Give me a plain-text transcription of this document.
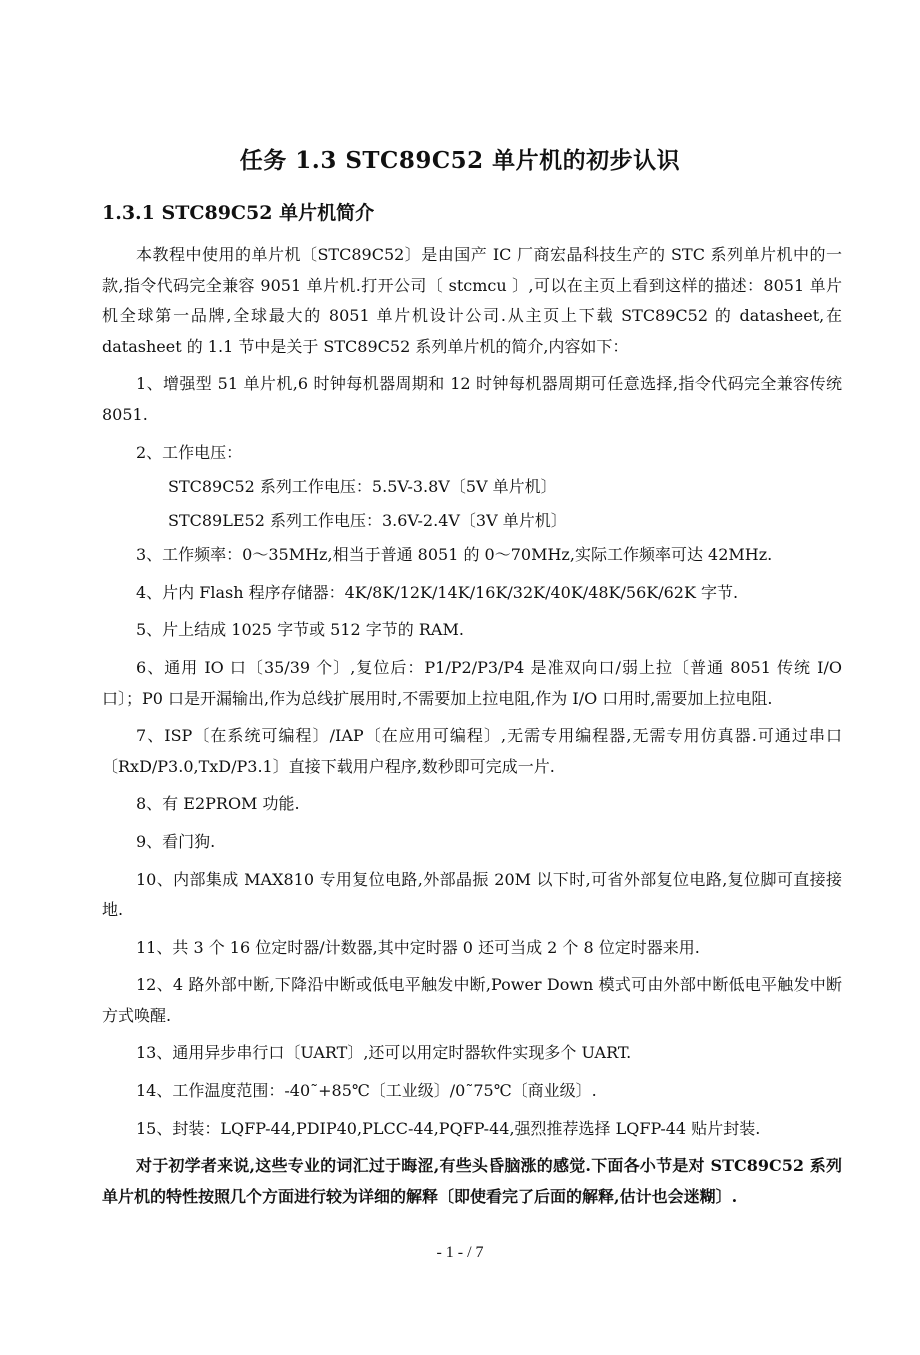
任务 1.3 STC89C52 单片机的初步认识
1.3.1 STC89C52 单片机简介

本教程中使用的单片机〔STC89C52〕是由国产 IC 厂商宏晶科技生产的 STC 系列单片机中的一款,指令代码完全兼容 9051 单片机.打开公司〔 stcmcu 〕,可以在主页上看到这样的描述：8051 单片机全球第一品牌,全球最大的 8051 单片机设计公司.从主页上下载 STC89C52 的 datasheet,在 datasheet 的 1.1 节中是关于 STC89C52 系列单片机的简介,内容如下：

1、增强型 51 单片机,6 时钟每机器周期和 12 时钟每机器周期可任意选择,指令代码完全兼容传统 8051.

2、工作电压：

STC89C52 系列工作电压：5.5V-3.8V〔5V 单片机〕

STC89LE52 系列工作电压：3.6V-2.4V〔3V 单片机〕

3、工作频率：0～35MHz,相当于普通 8051 的 0～70MHz,实际工作频率可达 42MHz.

4、片内 Flash 程序存储器：4K/8K/12K/14K/16K/32K/40K/48K/56K/62K 字节.

5、片上结成 1025 字节或 512 字节的 RAM.

6、通用 IO 口〔35/39 个〕,复位后：P1/P2/P3/P4 是准双向口/弱上拉〔普通 8051 传统 I/O 口〕；P0 口是开漏输出,作为总线扩展用时,不需要加上拉电阻,作为 I/O 口用时,需要加上拉电阻.

7、ISP〔在系统可编程〕/IAP〔在应用可编程〕,无需专用编程器,无需专用仿真器.可通过串口〔RxD/P3.0,TxD/P3.1〕直接下载用户程序,数秒即可完成一片.

8、有 E2PROM 功能.

9、看门狗.

10、内部集成 MAX810 专用复位电路,外部晶振 20M 以下时,可省外部复位电路,复位脚可直接接地.

11、共 3 个 16 位定时器/计数器,其中定时器 0 还可当成 2 个 8 位定时器来用.

12、4 路外部中断,下降沿中断或低电平触发中断,Power Down 模式可由外部中断低电平触发中断方式唤醒.

13、通用异步串行口〔UART〕,还可以用定时器软件实现多个 UART.

14、工作温度范围：-40˜+85℃〔工业级〕/0˜75℃〔商业级〕.

15、封装：LQFP-44,PDIP40,PLCC-44,PQFP-44,强烈推荐选择 LQFP-44 贴片封装.

对于初学者来说,这些专业的词汇过于晦涩,有些头昏脑涨的感觉.下面各小节是对 STC89C52 系列单片机的特性按照几个方面进行较为详细的解释〔即使看完了后面的解释,估计也会迷糊〕.

- 1 - / 7
